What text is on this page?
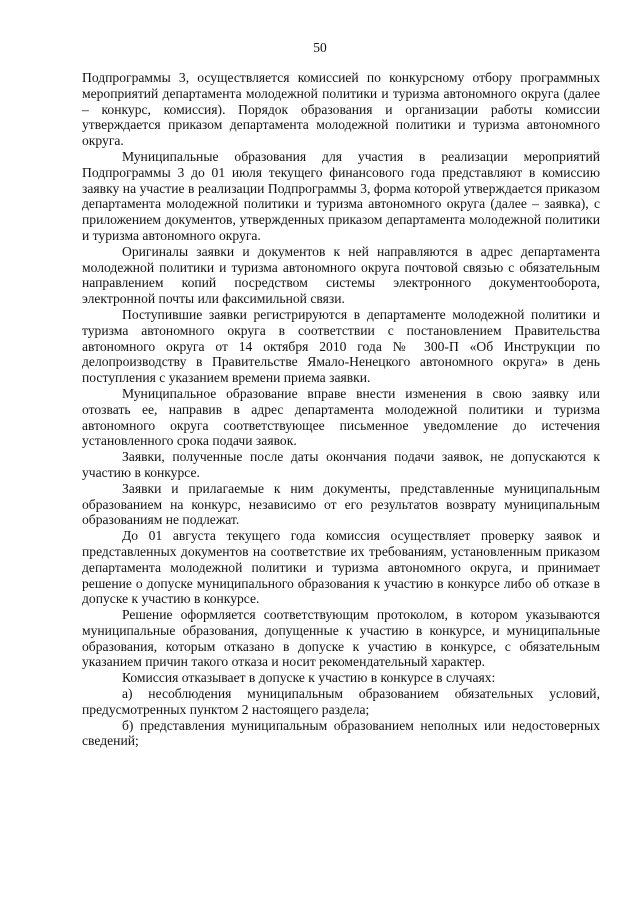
50

Подпрограммы 3, осуществляется комиссией по конкурсному отбору программных мероприятий департамента молодежной политики и туризма автономного округа (далее – конкурс, комиссия). Порядок образования и организации работы комиссии утверждается приказом департамента молодежной политики и туризма автономного округа.

Муниципальные образования для участия в реализации мероприятий Подпрограммы 3 до 01 июля текущего финансового года представляют в комиссию заявку на участие в реализации Подпрограммы 3, форма которой утверждается приказом департамента молодежной политики и туризма автономного округа (далее – заявка), с приложением документов, утвержденных приказом департамента молодежной политики и туризма автономного округа.

Оригиналы заявки и документов к ней направляются в адрес департамента молодежной политики и туризма автономного округа почтовой связью с обязательным направлением копий посредством системы электронного документооборота, электронной почты или факсимильной связи.

Поступившие заявки регистрируются в департаменте молодежной политики и туризма автономного округа в соответствии с постановлением Правительства автономного округа от 14 октября 2010 года № 300-П «Об Инструкции по делопроизводству в Правительстве Ямало-Ненецкого автономного округа» в день поступления с указанием времени приема заявки.

Муниципальное образование вправе внести изменения в свою заявку или отозвать ее, направив в адрес департамента молодежной политики и туризма автономного округа соответствующее письменное уведомление до истечения установленного срока подачи заявок.

Заявки, полученные после даты окончания подачи заявок, не допускаются к участию в конкурсе.

Заявки и прилагаемые к ним документы, представленные муниципальным образованием на конкурс, независимо от его результатов возврату муниципальным образованиям не подлежат.

До 01 августа текущего года комиссия осуществляет проверку заявок и представленных документов на соответствие их требованиям, установленным приказом департамента молодежной политики и туризма автономного округа, и принимает решение о допуске муниципального образования к участию в конкурсе либо об отказе в допуске к участию в конкурсе.

Решение оформляется соответствующим протоколом, в котором указываются муниципальные образования, допущенные к участию в конкурсе, и муниципальные образования, которым отказано в допуске к участию в конкурсе, с обязательным указанием причин такого отказа и носит рекомендательный характер.

Комиссия отказывает в допуске к участию в конкурсе в случаях:

а) несоблюдения муниципальным образованием обязательных условий, предусмотренных пунктом 2 настоящего раздела;

б) представления муниципальным образованием неполных или недостоверных сведений;
